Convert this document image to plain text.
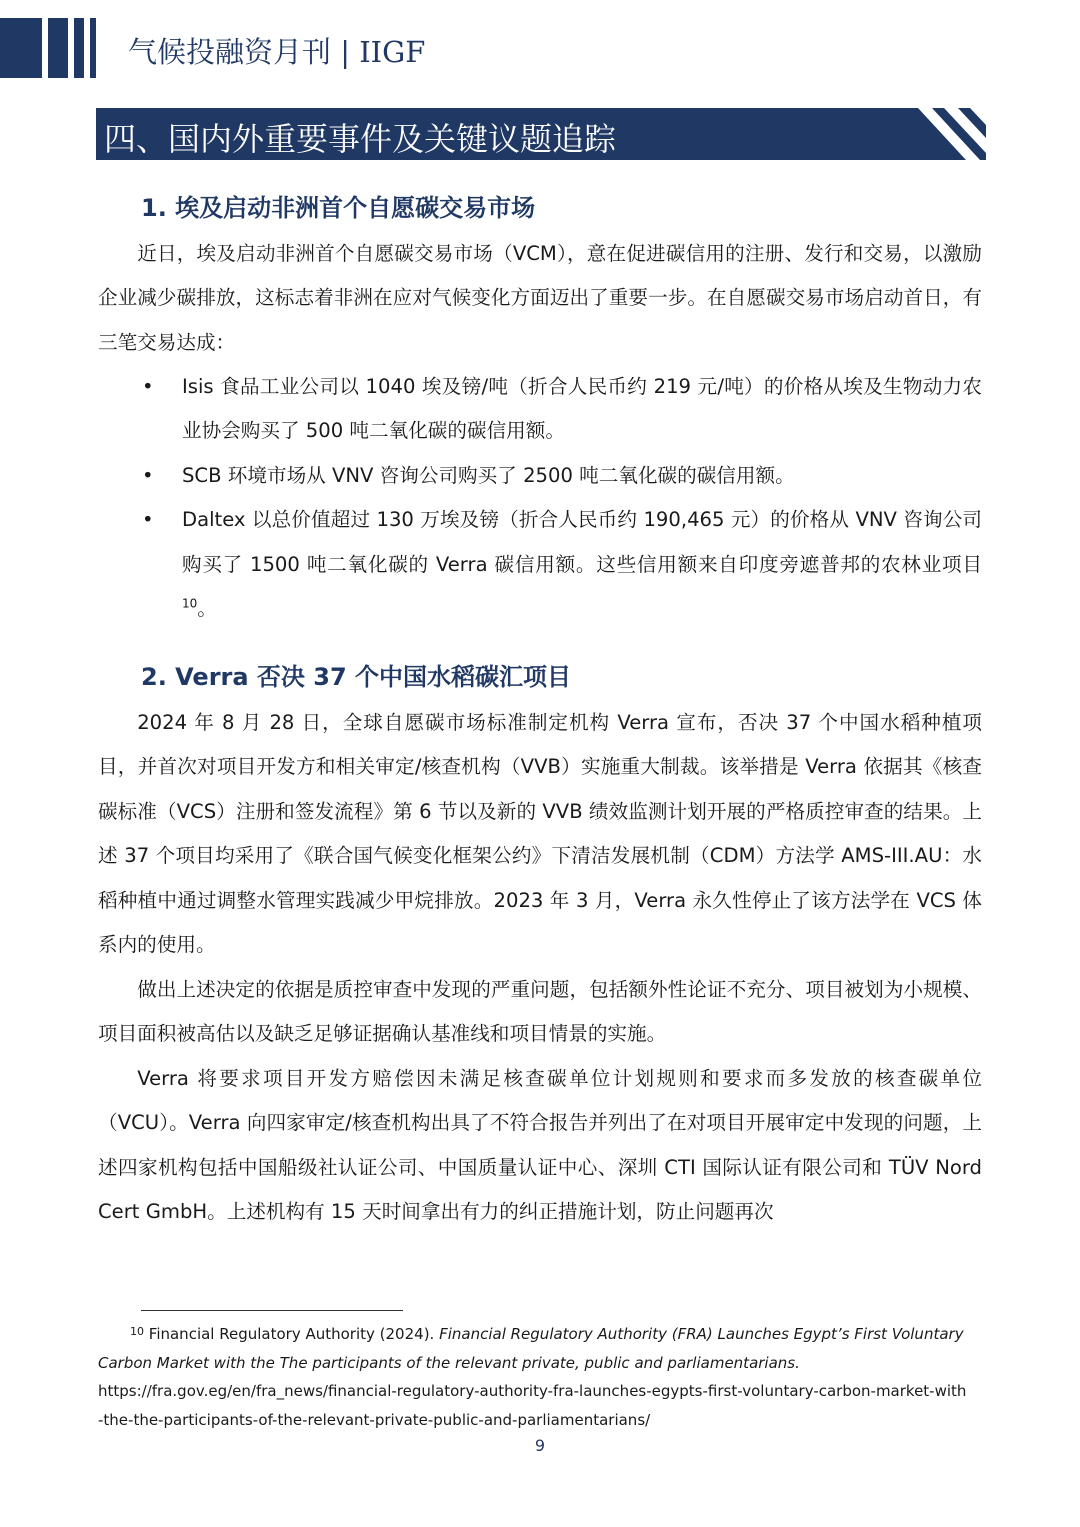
气候投融资月刊 | IIGF
四、国内外重要事件及关键议题追踪
1. 埃及启动非洲首个自愿碳交易市场

近日，埃及启动非洲首个自愿碳交易市场（VCM），意在促进碳信用的注册、发行和交易，以激励企业减少碳排放，这标志着非洲在应对气候变化方面迈出了重要一步。在自愿碳交易市场启动首日，有三笔交易达成：

• Isis 食品工业公司以 1040 埃及镑/吨（折合人民币约 219 元/吨）的价格从埃及生物动力农业协会购买了 500 吨二氧化碳的碳信用额。
• SCB 环境市场从 VNV 咨询公司购买了 2500 吨二氧化碳的碳信用额。
• Daltex 以总价值超过 130 万埃及镑（折合人民币约 190,465 元）的价格从 VNV 咨询公司购买了 1500 吨二氧化碳的 Verra 碳信用额。这些信用额来自印度旁遮普邦的农林业项目$^{10}$。
2. Verra 否决 37 个中国水稻碳汇项目

2024 年 8 月 28 日，全球自愿碳市场标准制定机构 Verra 宣布，否决 37 个中国水稻种植项目，并首次对项目开发方和相关审定/核查机构（VVB）实施重大制裁。该举措是 Verra 依据其《核查碳标准（VCS）注册和签发流程》第 6 节以及新的 VVB 绩效监测计划开展的严格质控审查的结果。上述 37 个项目均采用了《联合国气候变化框架公约》下清洁发展机制（CDM）方法学 AMS-III.AU：水稻种植中通过调整水管理实践减少甲烷排放。2023 年 3 月，Verra 永久性停止了该方法学在 VCS 体系内的使用。

做出上述决定的依据是质控审查中发现的严重问题，包括额外性论证不充分、项目被划为小规模、项目面积被高估以及缺乏足够证据确认基准线和项目情景的实施。

Verra 将要求项目开发方赔偿因未满足核查碳单位计划规则和要求而多发放的核查碳单位（VCU）。Verra 向四家审定/核查机构出具了不符合报告并列出了在对项目开展审定中发现的问题，上述四家机构包括中国船级社认证公司、中国质量认证中心、深圳 CTI 国际认证有限公司和 TÜV Nord Cert GmbH。上述机构有 15 天时间拿出有力的纠正措施计划，防止问题再次

$^{10}$ Financial Regulatory Authority (2024). Financial Regulatory Authority (FRA) Launches Egypt’s First Voluntary Carbon Market with the The participants of the relevant private, public and parliamentarians.
https://fra.gov.eg/en/fra_news/financial-regulatory-authority-fra-launches-egypts-first-voluntary-carbon-market-with-the-the-participants-of-the-relevant-private-public-and-parliamentarians/

9
